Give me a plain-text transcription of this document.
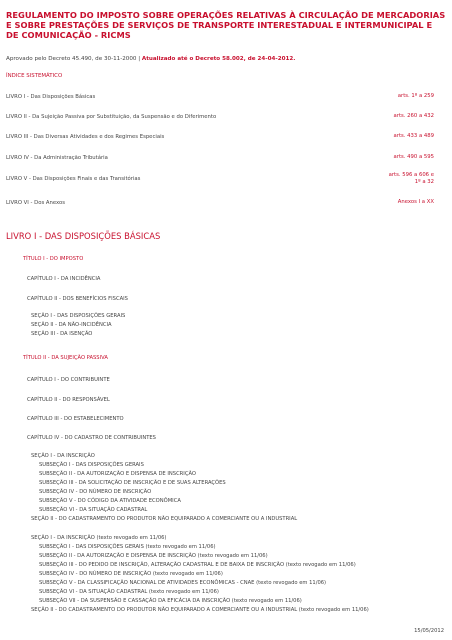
REGULAMENTO DO IMPOSTO SOBRE OPERAÇÕES RELATIVAS À CIRCULAÇÃO DE MERCADORIAS E SOBRE PRESTAÇÕES DE SERVIÇOS DE TRANSPORTE INTERESTADUAL E INTERMUNICIPAL E DE COMUNICAÇÃO - RICMS
Aprovado pelo Decreto 45.490, de 30-11-2000 | Atualizado até o Decreto 58.002, de 24-04-2012.
ÍNDICE SISTEMÁTICO
LIVRO I - Das Disposições Básicas	arts. 1º a 259
LIVRO II - Da Sujeição Passiva por Substituição, da Suspensão e do Diferimento	arts. 260 a 432
LIVRO III - Das Diversas Atividades e dos Regimes Especiais	arts. 433 a 489
LIVRO IV - Da Administração Tributária	arts. 490 a 595
LIVRO V - Das Disposições Finais e das Transitórias
arts. 596 a 606 e 1º a 32
LIVRO VI - Dos Anexos	Anexos I a XX
LIVRO I - DAS DISPOSIÇÕES BÁSICAS
TÍTULO I - DO IMPOSTO
CAPÍTULO I - DA INCIDÊNCIA
CAPÍTULO II - DOS BENEFÍCIOS FISCAIS
SEÇÃO I - DAS DISPOSIÇÕES GERAIS
SEÇÃO II - DA NÃO-INCIDÊNCIA
SEÇÃO III - DA ISENÇÃO
TÍTULO II - DA SUJEIÇÃO PASSIVA
CAPÍTULO I - DO CONTRIBUINTE
CAPÍTULO II - DO RESPONSÁVEL
CAPÍTULO III - DO ESTABELECIMENTO
CAPÍTULO IV - DO CADASTRO DE CONTRIBUINTES
SEÇÃO I - DA INSCRIÇÃO
SUBSEÇÃO I - DAS DISPOSIÇÕES GERAIS
SUBSEÇÃO II - DA AUTORIZAÇÃO E DISPENSA DE INSCRIÇÃO
SUBSEÇÃO III - DA SOLICITAÇÃO DE INSCRIÇÃO E DE SUAS ALTERAÇÕES
SUBSEÇÃO IV - DO NÚMERO DE INSCRIÇÃO
SUBSEÇÃO V - DO CÓDIGO DA ATIVIDADE ECONÔMICA
SUBSEÇÃO VI - DA SITUAÇÃO CADASTRAL
SEÇÃO II - DO CADASTRAMENTO DO PRODUTOR NÃO EQUIPARADO A COMERCIANTE OU A INDUSTRIAL
SEÇÃO I - DA INSCRIÇÃO (texto revogado em 11/06)
SUBSEÇÃO I - DAS DISPOSIÇÕES GERAIS (texto revogado em 11/06)
SUBSEÇÃO II - DA AUTORIZAÇÃO E DISPENSA DE INSCRIÇÃO (texto revogado em 11/06)
SUBSEÇÃO III - DO PEDIDO DE INSCRIÇÃO, ALTERAÇÃO CADASTRAL E DE BAIXA DE INSCRIÇÃO (texto revogado em 11/06)
SUBSEÇÃO IV - DO NÚMERO DE INSCRIÇÃO (texto revogado em 11/06)
SUBSEÇÃO V - DA CLASSIFICAÇÃO NACIONAL DE ATIVIDADES ECONÔMICAS - CNAE (texto revogado em 11/06)
SUBSEÇÃO VI - DA SITUAÇÃO CADASTRAL (texto revogado em 11/06)
SUBSEÇÃO VII - DA SUSPENSÃO E CASSAÇÃO DA EFICÁCIA DA INSCRIÇÃO (texto revogado em 11/06)
SEÇÃO II - DO CADASTRAMENTO DO PRODUTOR NÃO EQUIPARADO A COMERCIANTE OU A INDUSTRIAL (texto revogado em 11/06)
15/05/2012
